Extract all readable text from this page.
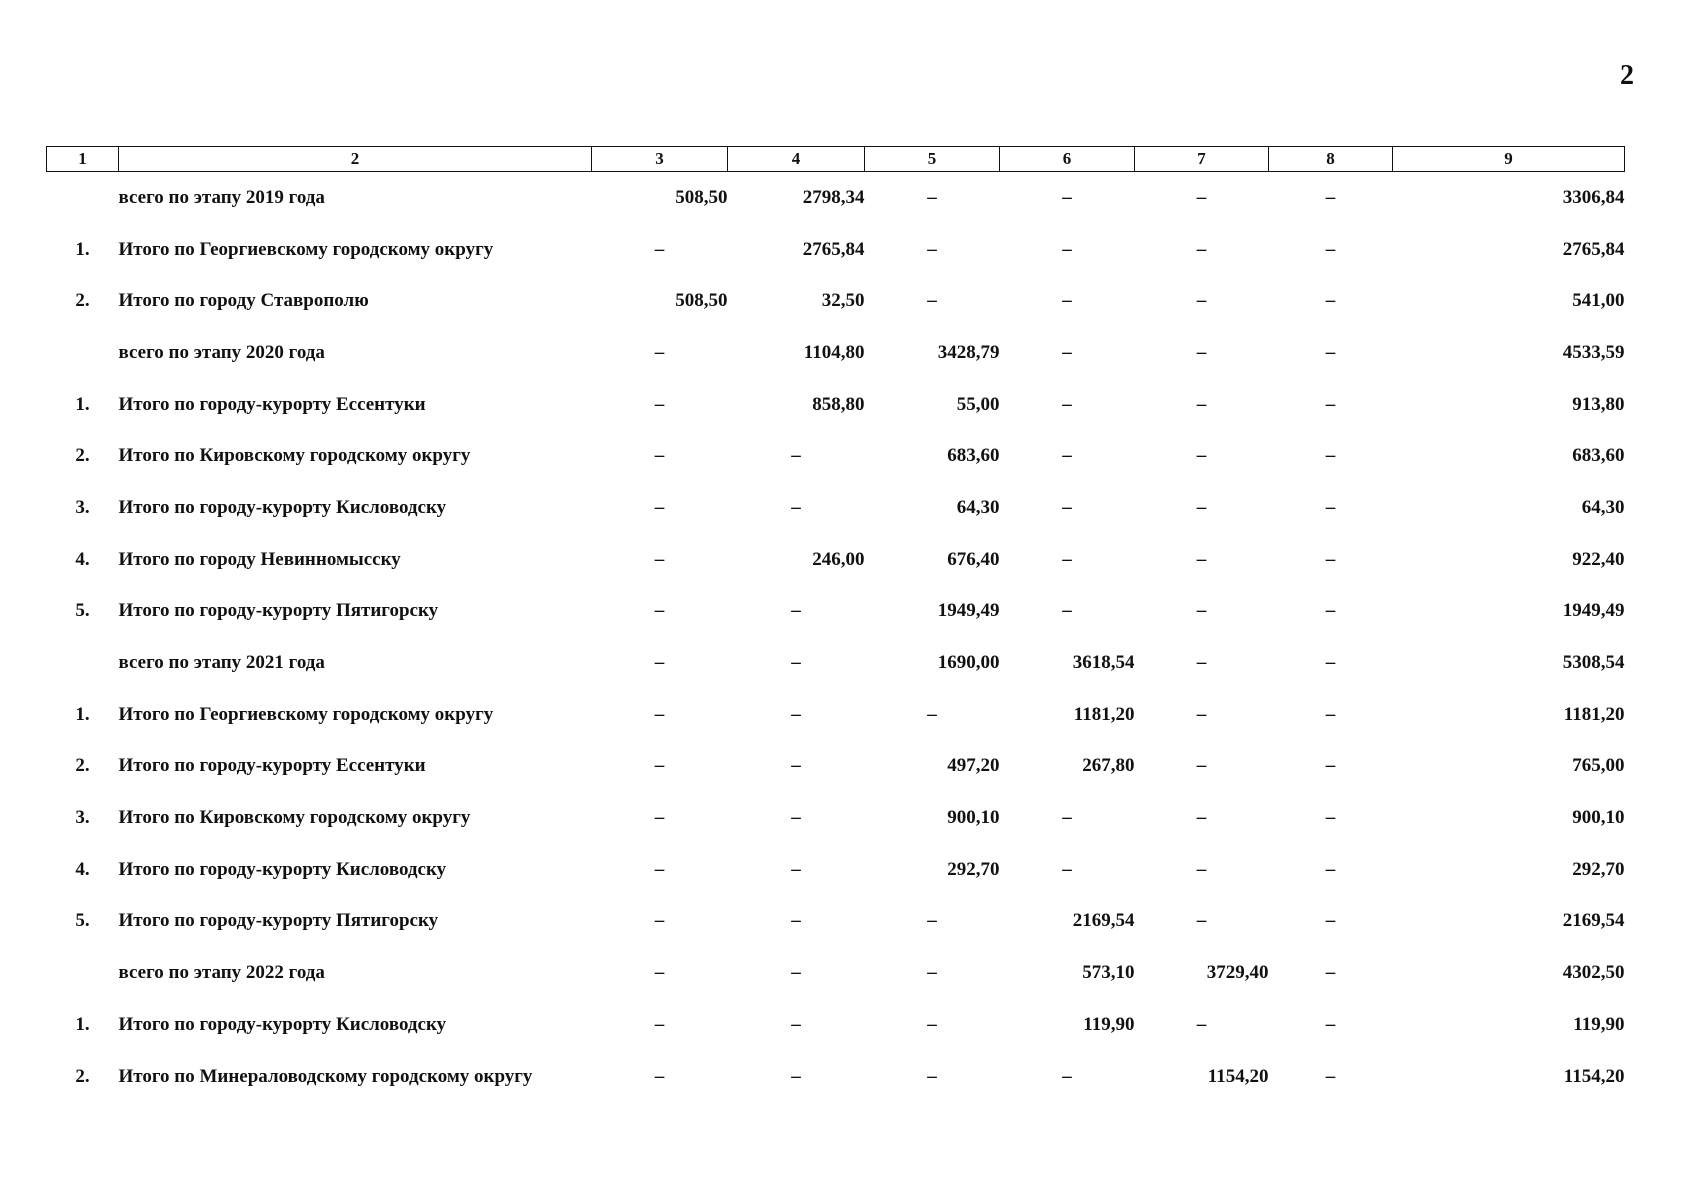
2
1	2	3	4	5	6	7	8	9
	всего по этапу 2019 года	508,50	2798,34	–	–	–	–	3306,84
1.	Итого по Георгиевскому городскому округу	–	2765,84	–	–	–	–	2765,84
2.	Итого по городу Ставрополю	508,50	32,50	–	–	–	–	541,00
	всего по этапу 2020 года	–	1104,80	3428,79	–	–	–	4533,59
1.	Итого по городу-курорту Ессентуки	–	858,80	55,00	–	–	–	913,80
2.	Итого по Кировскому городскому округу	–	–	683,60	–	–	–	683,60
3.	Итого по городу-курорту Кисловодску	–	–	64,30	–	–	–	64,30
4.	Итого по городу Невинномысску	–	246,00	676,40	–	–	–	922,40
5.	Итого по городу-курорту Пятигорску	–	–	1949,49	–	–	–	1949,49
	всего по этапу 2021 года	–	–	1690,00	3618,54	–	–	5308,54
1.	Итого по Георгиевскому городскому округу	–	–	–	1181,20	–	–	1181,20
2.	Итого по городу-курорту Ессентуки	–	–	497,20	267,80	–	–	765,00
3.	Итого по Кировскому городскому округу	–	–	900,10	–	–	–	900,10
4.	Итого по городу-курорту Кисловодску	–	–	292,70	–	–	–	292,70
5.	Итого по городу-курорту Пятигорску	–	–	–	2169,54	–	–	2169,54
	всего по этапу 2022 года	–	–	–	573,10	3729,40	–	4302,50
1.	Итого по городу-курорту Кисловодску	–	–	–	119,90	–	–	119,90
2.	Итого по Минераловодскому городскому округу	–	–	–	–	1154,20	–	1154,20
